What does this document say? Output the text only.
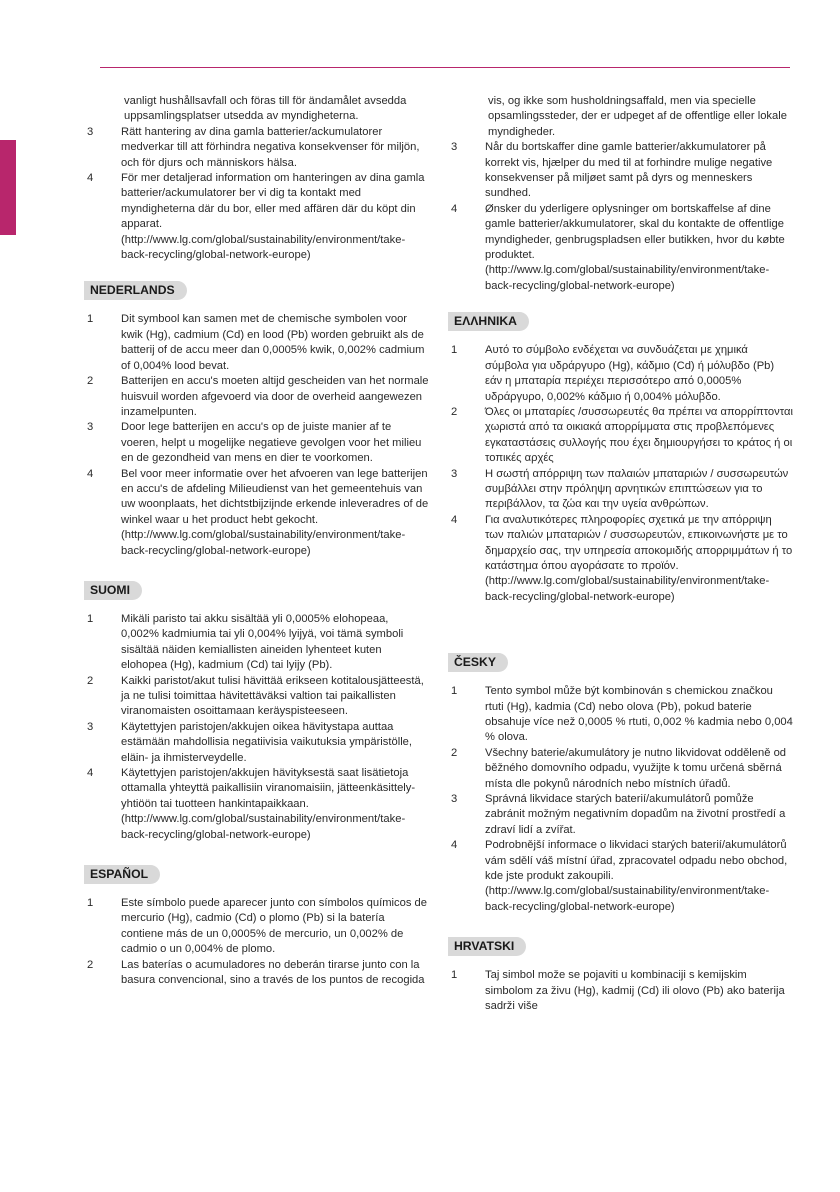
vanligt hushållsavfall och föras till för ändamålet avsedda uppsamlingsplatser utsedda av myndigheterna.
3	Rätt hantering av dina gamla batterier/ackumulatorer medverkar till att förhindra negativa konsekvenser för miljön, och för djurs och människors hälsa.
4	För mer detaljerad information om hanteringen av dina gamla batterier/ackumulatorer ber vi dig ta kontakt med myndigheterna där du bor, eller med affären där du köpt din apparat. (http://www.lg.com/global/sustainability/environment/take-back-recycling/global-network-europe)
NEDERLANDS
1	Dit symbool kan samen met de chemische symbolen voor kwik (Hg), cadmium (Cd) en lood (Pb) worden gebruikt als de batterij of de accu meer dan 0,0005% kwik, 0,002% cadmium of 0,004% lood bevat.
2	Batterijen en accu's moeten altijd gescheiden van het normale huisvuil worden afgevoerd via door de overheid aangewezen inzamelpunten.
3	Door lege batterijen en accu's op de juiste manier af te voeren, helpt u mogelijke negatieve gevolgen voor het milieu en de gezondheid van mens en dier te voorkomen.
4	Bel voor meer informatie over het afvoeren van lege batterijen en accu's de afdeling Milieudienst van het gemeentehuis van uw woonplaats, het dichtstbijzijnde erkende inleveradres of de winkel waar u het product hebt gekocht. (http://www.lg.com/global/sustainability/environment/take-back-recycling/global-network-europe)
SUOMI
1	Mikäli paristo tai akku sisältää yli 0,0005% elohopeaa, 0,002% kadmiumia tai yli 0,004% lyijyä, voi tämä symboli sisältää näiden kemiallisten aineiden lyhenteet kuten elohopea (Hg), kadmium (Cd) tai lyijy (Pb).
2	Kaikki paristot/akut tulisi hävittää erikseen kotitalousjätteestä, ja ne tulisi toimittaa hävitettäväksi valtion tai paikallisten viranomaisten osoittamaan keräyspisteeseen.
3	Käytettyjen paristojen/akkujen oikea hävitystapa auttaa estämään mahdollisia negatiivisia vaikutuksia ympäristölle, eläin- ja ihmisterveydelle.
4	Käytettyjen paristojen/akkujen hävityksestä saat lisätietoja ottamalla yhteyttä paikallisiin viranomaisiin, jätteenkäsittely-yhtiöön tai tuotteen hankintapaikkaan. (http://www.lg.com/global/sustainability/environment/take-back-recycling/global-network-europe)
ESPAÑOL
1	Este símbolo puede aparecer junto con símbolos químicos de mercurio (Hg), cadmio (Cd) o plomo (Pb) si la batería contiene más de un 0,0005% de mercurio, un 0,002% de cadmio o un 0,004% de plomo.
2	Las baterías o acumuladores no deberán tirarse junto con la basura convencional, sino a través de los puntos de recogida
vis, og ikke som husholdningsaffald, men via specielle opsamlingssteder, der er udpeget af de offentlige eller lokale myndigheder.
3	Når du bortskaffer dine gamle batterier/akkumulatorer på korrekt vis, hjælper du med til at forhindre mulige negative konsekvenser på miljøet samt på dyrs og menneskers sundhed.
4	Ønsker du yderligere oplysninger om bortskaffelse af dine gamle batterier/akkumulatorer, skal du kontakte de offentlige myndigheder, genbrugspladsen eller butikken, hvor du købte produktet. (http://www.lg.com/global/sustainability/environment/take-back-recycling/global-network-europe)
ΕΛΛΗΝΙΚΑ
1	Αυτό το σύμβολο ενδέχεται να συνδυάζεται με χημικά σύμβολα για υδράργυρο (Hg), κάδμιο (Cd) ή μόλυβδο (Pb) εάν η μπαταρία περιέχει περισσότερο από 0,0005% υδράργυρο, 0,002% κάδμιο ή 0,004% μόλυβδο.
2	Όλες οι μπαταρίες /συσσωρευτές θα πρέπει να απορρίπτονται χωριστά από τα οικιακά απορρίμματα στις προβλεπόμενες εγκαταστάσεις συλλογής που έχει δημιουργήσει το κράτος ή οι τοπικές αρχές
3	Η σωστή απόρριψη των παλαιών μπαταριών / συσσωρευτών συμβάλλει στην πρόληψη αρνητικών επιπτώσεων για το περιβάλλον, τα ζώα και την υγεία ανθρώπων.
4	Για αναλυτικότερες πληροφορίες σχετικά με την απόρριψη των παλιών μπαταριών / συσσωρευτών, επικοινωνήστε με το δημαρχείο σας, την υπηρεσία αποκομιδής απορριμμάτων ή το κατάστημα όπου αγοράσατε το προϊόν. (http://www.lg.com/global/sustainability/environment/take-back-recycling/global-network-europe)
ČESKY
1	Tento symbol může být kombinován s chemickou značkou rtuti (Hg), kadmia (Cd) nebo olova (Pb), pokud baterie obsahuje více než 0,0005 % rtuti, 0,002 % kadmia nebo 0,004 % olova.
2	Všechny baterie/akumulátory je nutno likvidovat odděleně od běžného domovního odpadu, využijte k tomu určená sběrná místa dle pokynů národních nebo místních úřadů.
3	Správná likvidace starých baterií/akumulátorů pomůže zabránit možným negativním dopadům na životní prostředí a zdraví lidí a zvířat.
4	Podrobnější informace o likvidaci starých baterií/akumulátorů vám sdělí váš místní úřad, zpracovatel odpadu nebo obchod, kde jste produkt zakoupili. (http://www.lg.com/global/sustainability/environment/take-back-recycling/global-network-europe)
HRVATSKI
1	Taj simbol može se pojaviti u kombinaciji s kemijskim simbolom za živu (Hg), kadmij (Cd) ili olovo (Pb) ako baterija sadrži više
